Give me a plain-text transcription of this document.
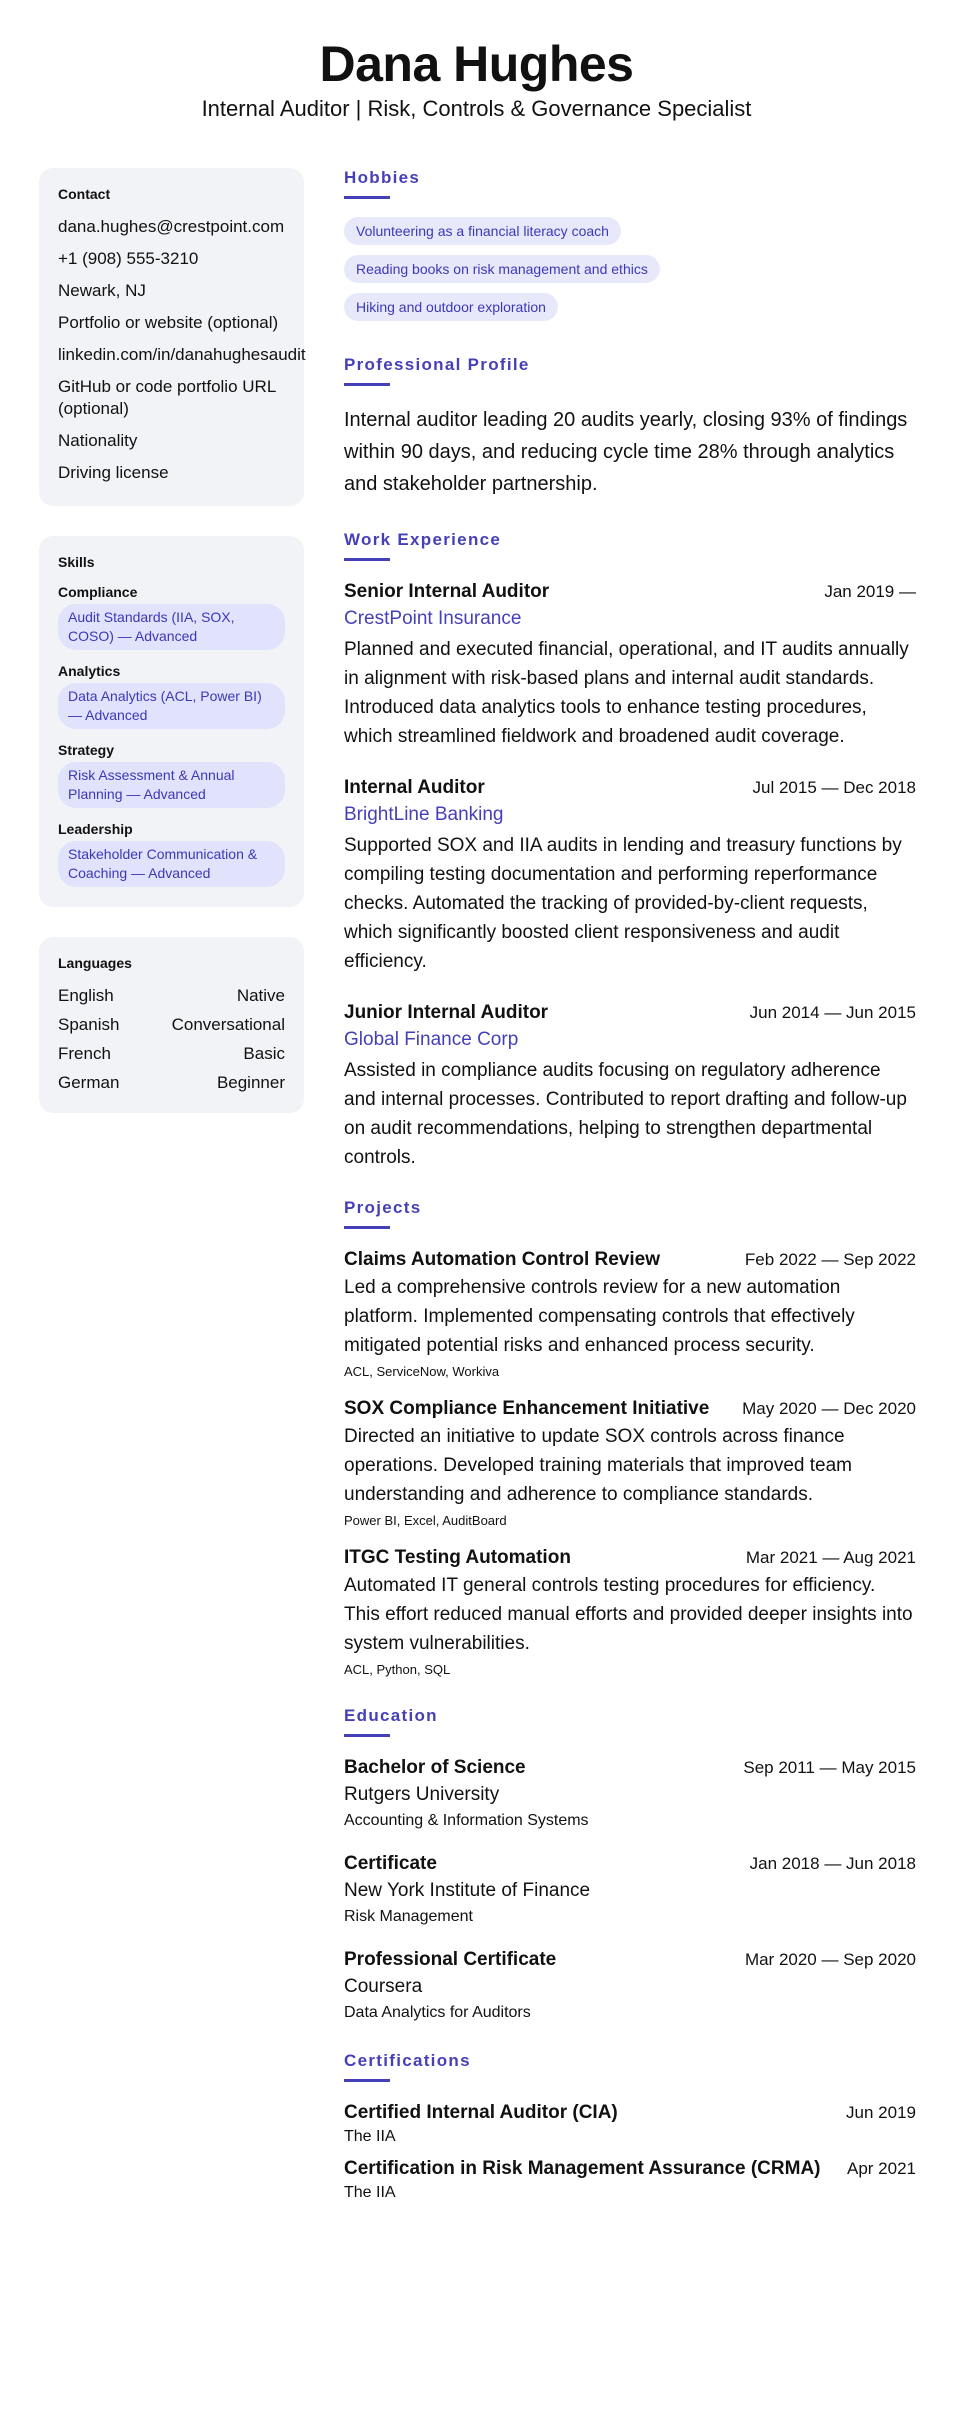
Dana Hughes
Internal Auditor | Risk, Controls & Governance Specialist
Contact
dana.hughes@crestpoint.com
+1 (908) 555-3210
Newark, NJ
Portfolio or website (optional)
linkedin.com/in/danahughesaudit
GitHub or code portfolio URL (optional)
Nationality
Driving license
Skills
Compliance
Audit Standards (IIA, SOX, COSO) — Advanced
Analytics
Data Analytics (ACL, Power BI) — Advanced
Strategy
Risk Assessment & Annual Planning — Advanced
Leadership
Stakeholder Communication & Coaching — Advanced
Languages
English	Native
Spanish	Conversational
French	Basic
German	Beginner
Hobbies
Volunteering as a financial literacy coach
Reading books on risk management and ethics
Hiking and outdoor exploration
Professional Profile
Internal auditor leading 20 audits yearly, closing 93% of findings within 90 days, and reducing cycle time 28% through analytics and stakeholder partnership.
Work Experience
Senior Internal Auditor	Jan 2019 —
CrestPoint Insurance
Planned and executed financial, operational, and IT audits annually in alignment with risk-based plans and internal audit standards. Introduced data analytics tools to enhance testing procedures, which streamlined fieldwork and broadened audit coverage.
Internal Auditor	Jul 2015 — Dec 2018
BrightLine Banking
Supported SOX and IIA audits in lending and treasury functions by compiling testing documentation and performing reperformance checks. Automated the tracking of provided-by-client requests, which significantly boosted client responsiveness and audit efficiency.
Junior Internal Auditor	Jun 2014 — Jun 2015
Global Finance Corp
Assisted in compliance audits focusing on regulatory adherence and internal processes. Contributed to report drafting and follow-up on audit recommendations, helping to strengthen departmental controls.
Projects
Claims Automation Control Review	Feb 2022 — Sep 2022
Led a comprehensive controls review for a new automation platform. Implemented compensating controls that effectively mitigated potential risks and enhanced process security.
ACL, ServiceNow, Workiva
SOX Compliance Enhancement Initiative May 2020 — Dec 2020
Directed an initiative to update SOX controls across finance operations. Developed training materials that improved team understanding and adherence to compliance standards.
Power BI, Excel, AuditBoard
ITGC Testing Automation	Mar 2021 — Aug 2021
Automated IT general controls testing procedures for efficiency. This effort reduced manual efforts and provided deeper insights into system vulnerabilities.
ACL, Python, SQL
Education
Bachelor of Science	Sep 2011 — May 2015
Rutgers University
Accounting & Information Systems
Certificate	Jan 2018 — Jun 2018
New York Institute of Finance
Risk Management
Professional Certificate	Mar 2020 — Sep 2020
Coursera
Data Analytics for Auditors
Certifications
Certified Internal Auditor (CIA)	Jun 2019
The IIA
Certification in Risk Management Assurance (CRMA) Apr 2021
The IIA
